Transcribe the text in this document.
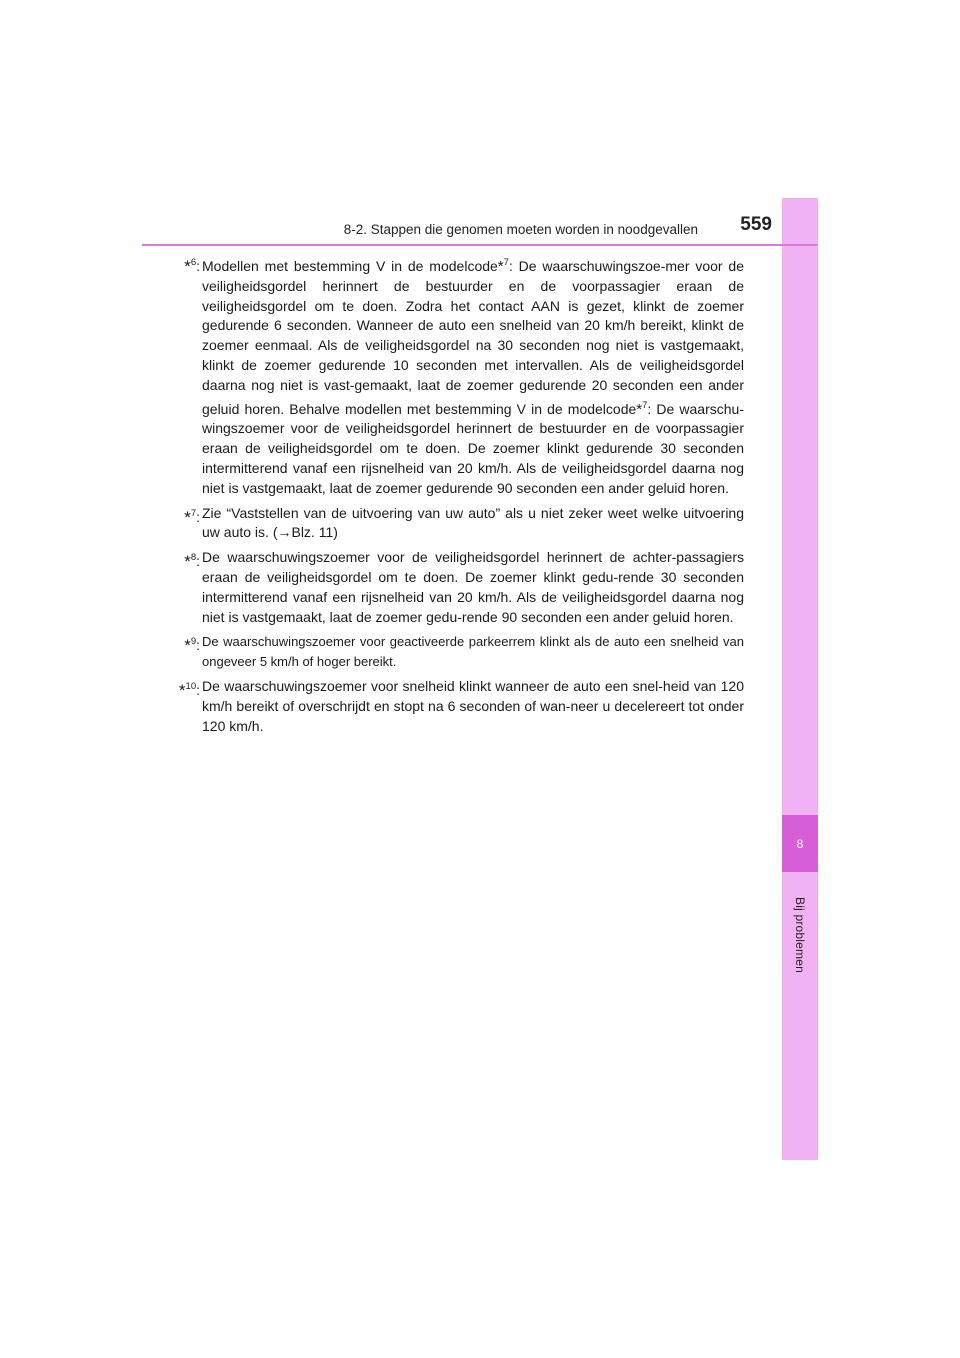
8
Bij problemen
8-2. Stappen die genomen moeten worden in noodgevallen	559
*$^6$: Modellen met bestemming V in de modelcode*$^7$: De waarschuwingszoe-mer voor de veiligheidsgordel herinnert de bestuurder en de voorpassagier eraan de veiligheidsgordel om te doen. Zodra het contact AAN is gezet, klinkt de zoemer gedurende 6 seconden. Wanneer de auto een snelheid van 20 km/h bereikt, klinkt de zoemer eenmaal. Als de veiligheidsgordel na 30 seconden nog niet is vastgemaakt, klinkt de zoemer gedurende 10 seconden met intervallen. Als de veiligheidsgordel daarna nog niet is vast-gemaakt, laat de zoemer gedurende 20 seconden een ander geluid horen. Behalve modellen met bestemming V in de modelcode*$^7$: De waarschu-wingszoemer voor de veiligheidsgordel herinnert de bestuurder en de voorpassagier eraan de veiligheidsgordel om te doen. De zoemer klinkt gedurende 30 seconden intermitterend vanaf een rijsnelheid van 20 km/h. Als de veiligheidsgordel daarna nog niet is vastgemaakt, laat de zoemer gedurende 90 seconden een ander geluid horen.
*$^7$: Zie “Vaststellen van de uitvoering van uw auto” als u niet zeker weet welke uitvoering uw auto is. (→Blz. 11)
*$^8$: De waarschuwingszoemer voor de veiligheidsgordel herinnert de achter-passagiers eraan de veiligheidsgordel om te doen. De zoemer klinkt gedu-rende 30 seconden intermitterend vanaf een rijsnelheid van 20 km/h. Als de veiligheidsgordel daarna nog niet is vastgemaakt, laat de zoemer gedu-rende 90 seconden een ander geluid horen.
*$^9$: De waarschuwingszoemer voor geactiveerde parkeerrem klinkt als de auto een snelheid van ongeveer 5 km/h of hoger bereikt.
*$^{10}$: De waarschuwingszoemer voor snelheid klinkt wanneer de auto een snel-heid van 120 km/h bereikt of overschrijdt en stopt na 6 seconden of wan-neer u decelereert tot onder 120 km/h.
